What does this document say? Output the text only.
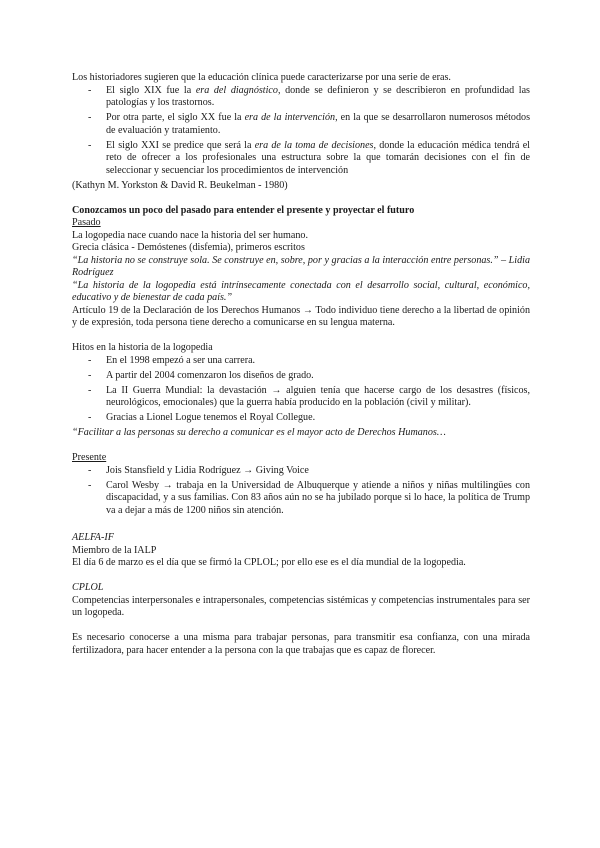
Los historiadores sugieren que la educación clínica puede caracterizarse por una serie de eras.

- El siglo XIX fue la era del diagnóstico, donde se definieron y se describieron en profundidad las patologías y los trastornos.
- Por otra parte, el siglo XX fue la era de la intervención, en la que se desarrollaron numerosos métodos de evaluación y tratamiento.
- El siglo XXI se predice que será la era de la toma de decisiones, donde la educación médica tendrá el reto de ofrecer a los profesionales una estructura sobre la que tomarán decisiones con el fin de seleccionar y secuenciar los procedimientos de intervención

(Kathyn M. Yorkston & David R. Beukelman - 1980)

Conozcamos un poco del pasado para entender el presente y proyectar el futuro

Pasado

La logopedia nace cuando nace la historia del ser humano.

Grecia clásica - Demóstenes (disfemia), primeros escritos

“La historia no se construye sola. Se construye en, sobre, por y gracias a la interacción entre personas.” – Lidia Rodríguez

“La historia de la logopedia está intrínsecamente conectada con el desarrollo social, cultural, económico, educativo y de bienestar de cada país.”

Artículo 19 de la Declaración de los Derechos Humanos → Todo individuo tiene derecho a la libertad de opinión y de expresión, toda persona tiene derecho a comunicarse en su lengua materna.

Hitos en la historia de la logopedia

- En el 1998 empezó a ser una carrera.
- A partir del 2004 comenzaron los diseños de grado.
- La II Guerra Mundial: la devastación → alguien tenía que hacerse cargo de los desastres (físicos, neurológicos, emocionales) que la guerra había producido en la población (civil y militar).
- Gracias a Lionel Logue tenemos el Royal Collegue.

“Facilitar a las personas su derecho a comunicar es el mayor acto de Derechos Humanos…

Presente

- Jois Stansfield y Lidia Rodríguez → Giving Voice
- Carol Wesby → trabaja en la Universidad de Albuquerque y atiende a niños y niñas multilingües con discapacidad, y a sus familias. Con 83 años aún no se ha jubilado porque si lo hace, la política de Trump va a dejar a más de 1200 niños sin atención.

AELFA-IF

Miembro de la IALP

El día 6 de marzo es el día que se firmó la CPLOL; por ello ese es el día mundial de la logopedia.

CPLOL

Competencias interpersonales e intrapersonales, competencias sistémicas y competencias instrumentales para ser un logopeda.

Es necesario conocerse a una misma para trabajar personas, para transmitir esa confianza, con una mirada fertilizadora, para hacer entender a la persona con la que trabajas que es capaz de florecer.
